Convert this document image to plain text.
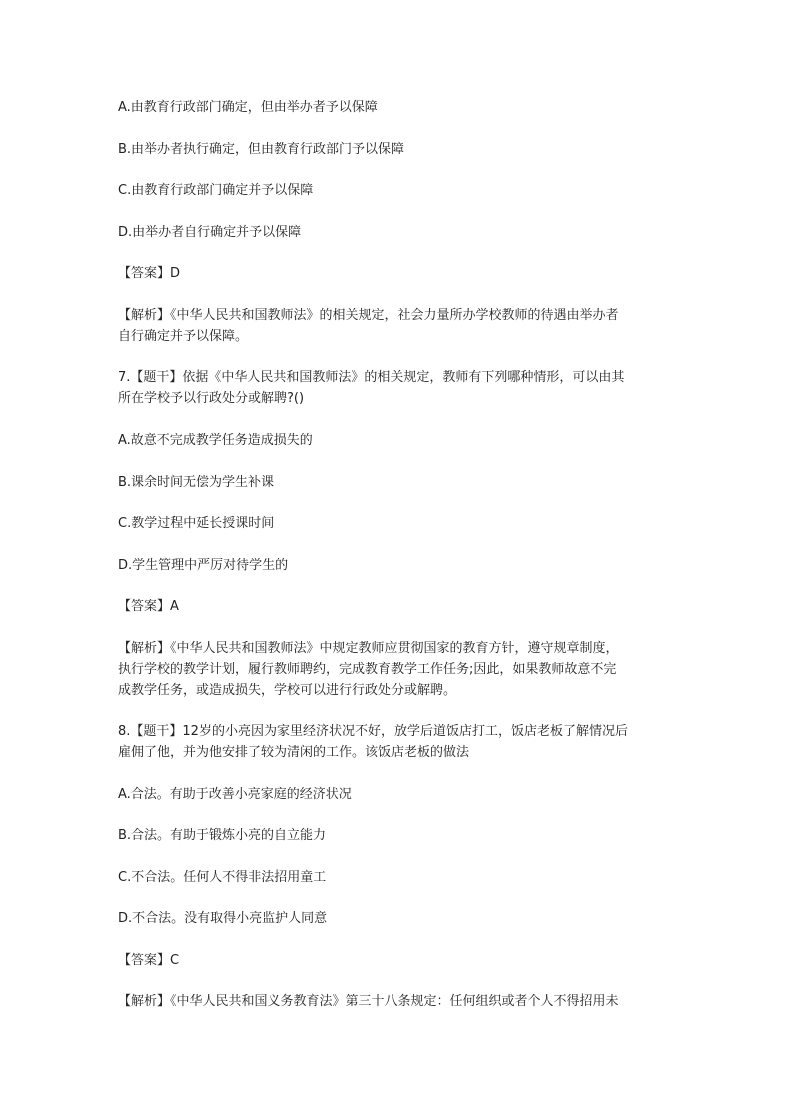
A.由教育行政部门确定，但由举办者予以保障
B.由举办者执行确定，但由教育行政部门予以保障
C.由教育行政部门确定并予以保障
D.由举办者自行确定并予以保障
【答案】D
【解析】《中华人民共和国教师法》的相关规定，社会力量所办学校教师的待遇由举办者
自行确定并予以保障。
7.【题干】依据《中华人民共和国教师法》的相关规定，教师有下列哪种情形，可以由其
所在学校予以行政处分或解聘?()
A.故意不完成教学任务造成损失的
B.课余时间无偿为学生补课
C.教学过程中延长授课时间
D.学生管理中严厉对待学生的
【答案】A
【解析】《中华人民共和国教师法》中规定教师应贯彻国家的教育方针，遵守规章制度，
执行学校的教学计划，履行教师聘约，完成教育教学工作任务;因此，如果教师故意不完
成教学任务，或造成损失，学校可以进行行政处分或解聘。
8.【题干】12岁的小亮因为家里经济状况不好，放学后道饭店打工，饭店老板了解情况后
雇佣了他，并为他安排了较为清闲的工作。该饭店老板的做法
A.合法。有助于改善小亮家庭的经济状况
B.合法。有助于锻炼小亮的自立能力
C.不合法。任何人不得非法招用童工
D.不合法。没有取得小亮监护人同意
【答案】C
【解析】《中华人民共和国义务教育法》第三十八条规定：任何组织或者个人不得招用未
